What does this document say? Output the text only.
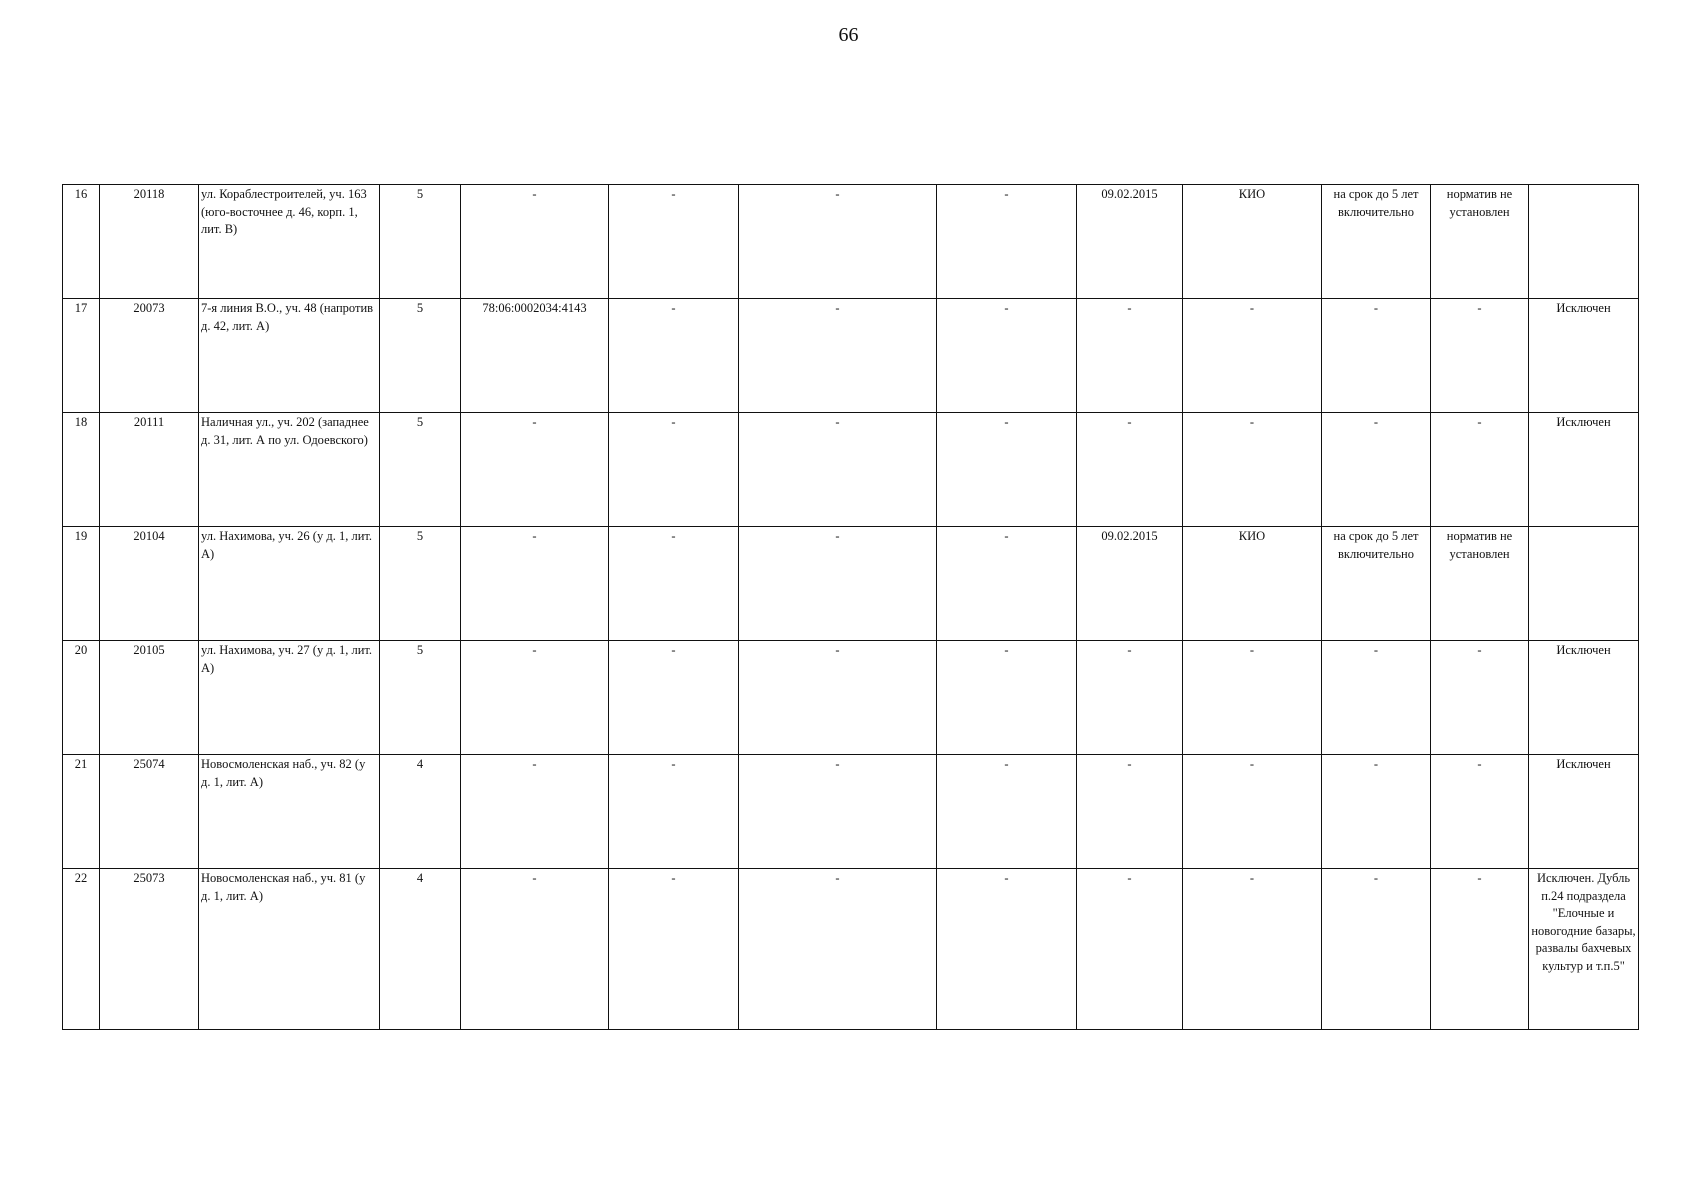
66
16	20118	ул. Кораблестроителей, уч. 163 (юго-восточнее д. 46, корп. 1, лит. В)	5	-	-	-	-	09.02.2015	КИО	на срок до 5 лет включительно	норматив не установлен	
17	20073	7-я линия В.О., уч. 48 (напротив д. 42, лит. А)	5	78:06:0002034:4143	-	-	-	-	-	-	-	Исключен
18	20111	Наличная ул., уч. 202 (западнее д. 31, лит. А по ул. Одоевского)	5	-	-	-	-	-	-	-	-	Исключен
19	20104	ул. Нахимова, уч. 26 (у д. 1, лит. А)	5	-	-	-	-	09.02.2015	КИО	на срок до 5 лет включительно	норматив не установлен	
20	20105	ул. Нахимова, уч. 27 (у д. 1, лит. А)	5	-	-	-	-	-	-	-	-	Исключен
21	25074	Новосмоленская наб., уч. 82 (у д. 1, лит. А)	4	-	-	-	-	-	-	-	-	Исключен
22	25073	Новосмоленская наб., уч. 81 (у д. 1, лит. А)	4	-	-	-	-	-	-	-	-	Исключен. Дубль п.24 подраздела "Елочные и новогодние базары, развалы бахчевых культур и т.п.5"
